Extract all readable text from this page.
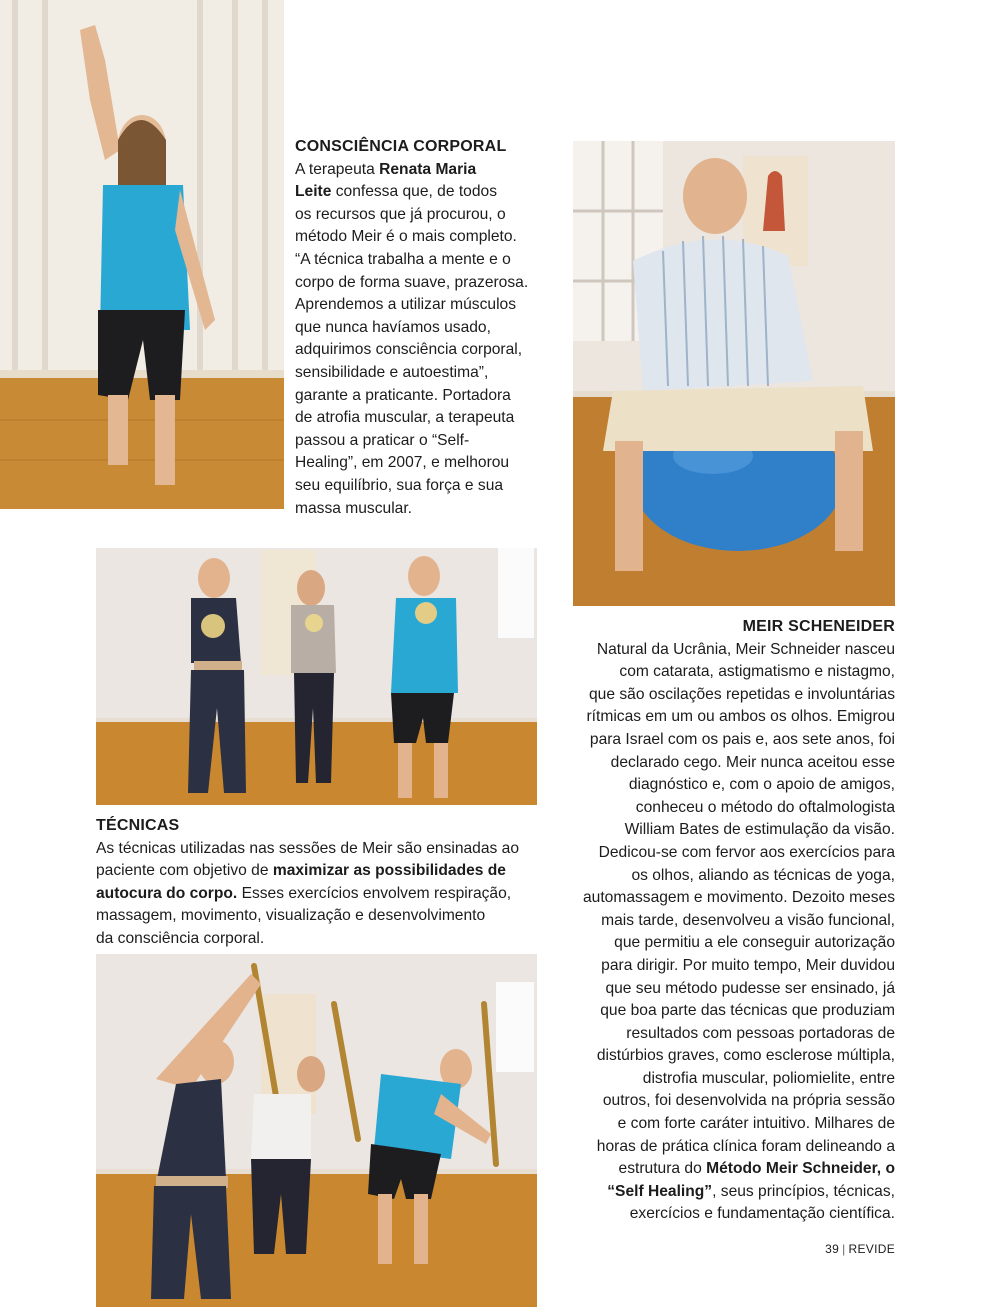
CONSCIÊNCIA CORPORAL
A terapeuta Renata Maria
Leite confessa que, de todos
os recursos que já procurou, o
método Meir é o mais completo.
“A técnica trabalha a mente e o
corpo de forma suave, prazerosa.
Aprendemos a utilizar músculos
que nunca havíamos usado,
adquirimos consciência corporal,
sensibilidade e autoestima”,
garante a praticante. Portadora
de atrofia muscular, a terapeuta
passou a praticar o “Self-
Healing”, em 2007, e melhorou
seu equilíbrio, sua força e sua
massa muscular.
MEIR SCHENEIDER
Natural da Ucrânia, Meir Schneider nasceu
com catarata, astigmatismo e nistagmo,
que são oscilações repetidas e involuntárias
rítmicas em um ou ambos os olhos. Emigrou
para Israel com os pais e, aos sete anos, foi
declarado cego. Meir nunca aceitou esse
diagnóstico e, com o apoio de amigos,
conheceu o método do oftalmologista
William Bates de estimulação da visão.
Dedicou-se com fervor aos exercícios para
os olhos, aliando as técnicas de yoga,
automassagem e movimento. Dezoito meses
mais tarde, desenvolveu a visão funcional,
que permitiu a ele conseguir autorização
para dirigir. Por muito tempo, Meir duvidou
que seu método pudesse ser ensinado, já
que boa parte das técnicas que produziam
resultados com pessoas portadoras de
distúrbios graves, como esclerose múltipla,
distrofia muscular, poliomielite, entre
outros, foi desenvolvida na própria sessão
e com forte caráter intuitivo. Milhares de
horas de prática clínica foram delineando a
estrutura do Método Meir Schneider, o
“Self Healing”, seus princípios, técnicas,
exercícios e fundamentação científica.
TÉCNICAS
As técnicas utilizadas nas sessões de Meir são ensinadas ao
paciente com objetivo de maximizar as possibilidades de
autocura do corpo. Esses exercícios envolvem respiração,
massagem, movimento, visualização e desenvolvimento
da consciência corporal.
39 | REVIDE
